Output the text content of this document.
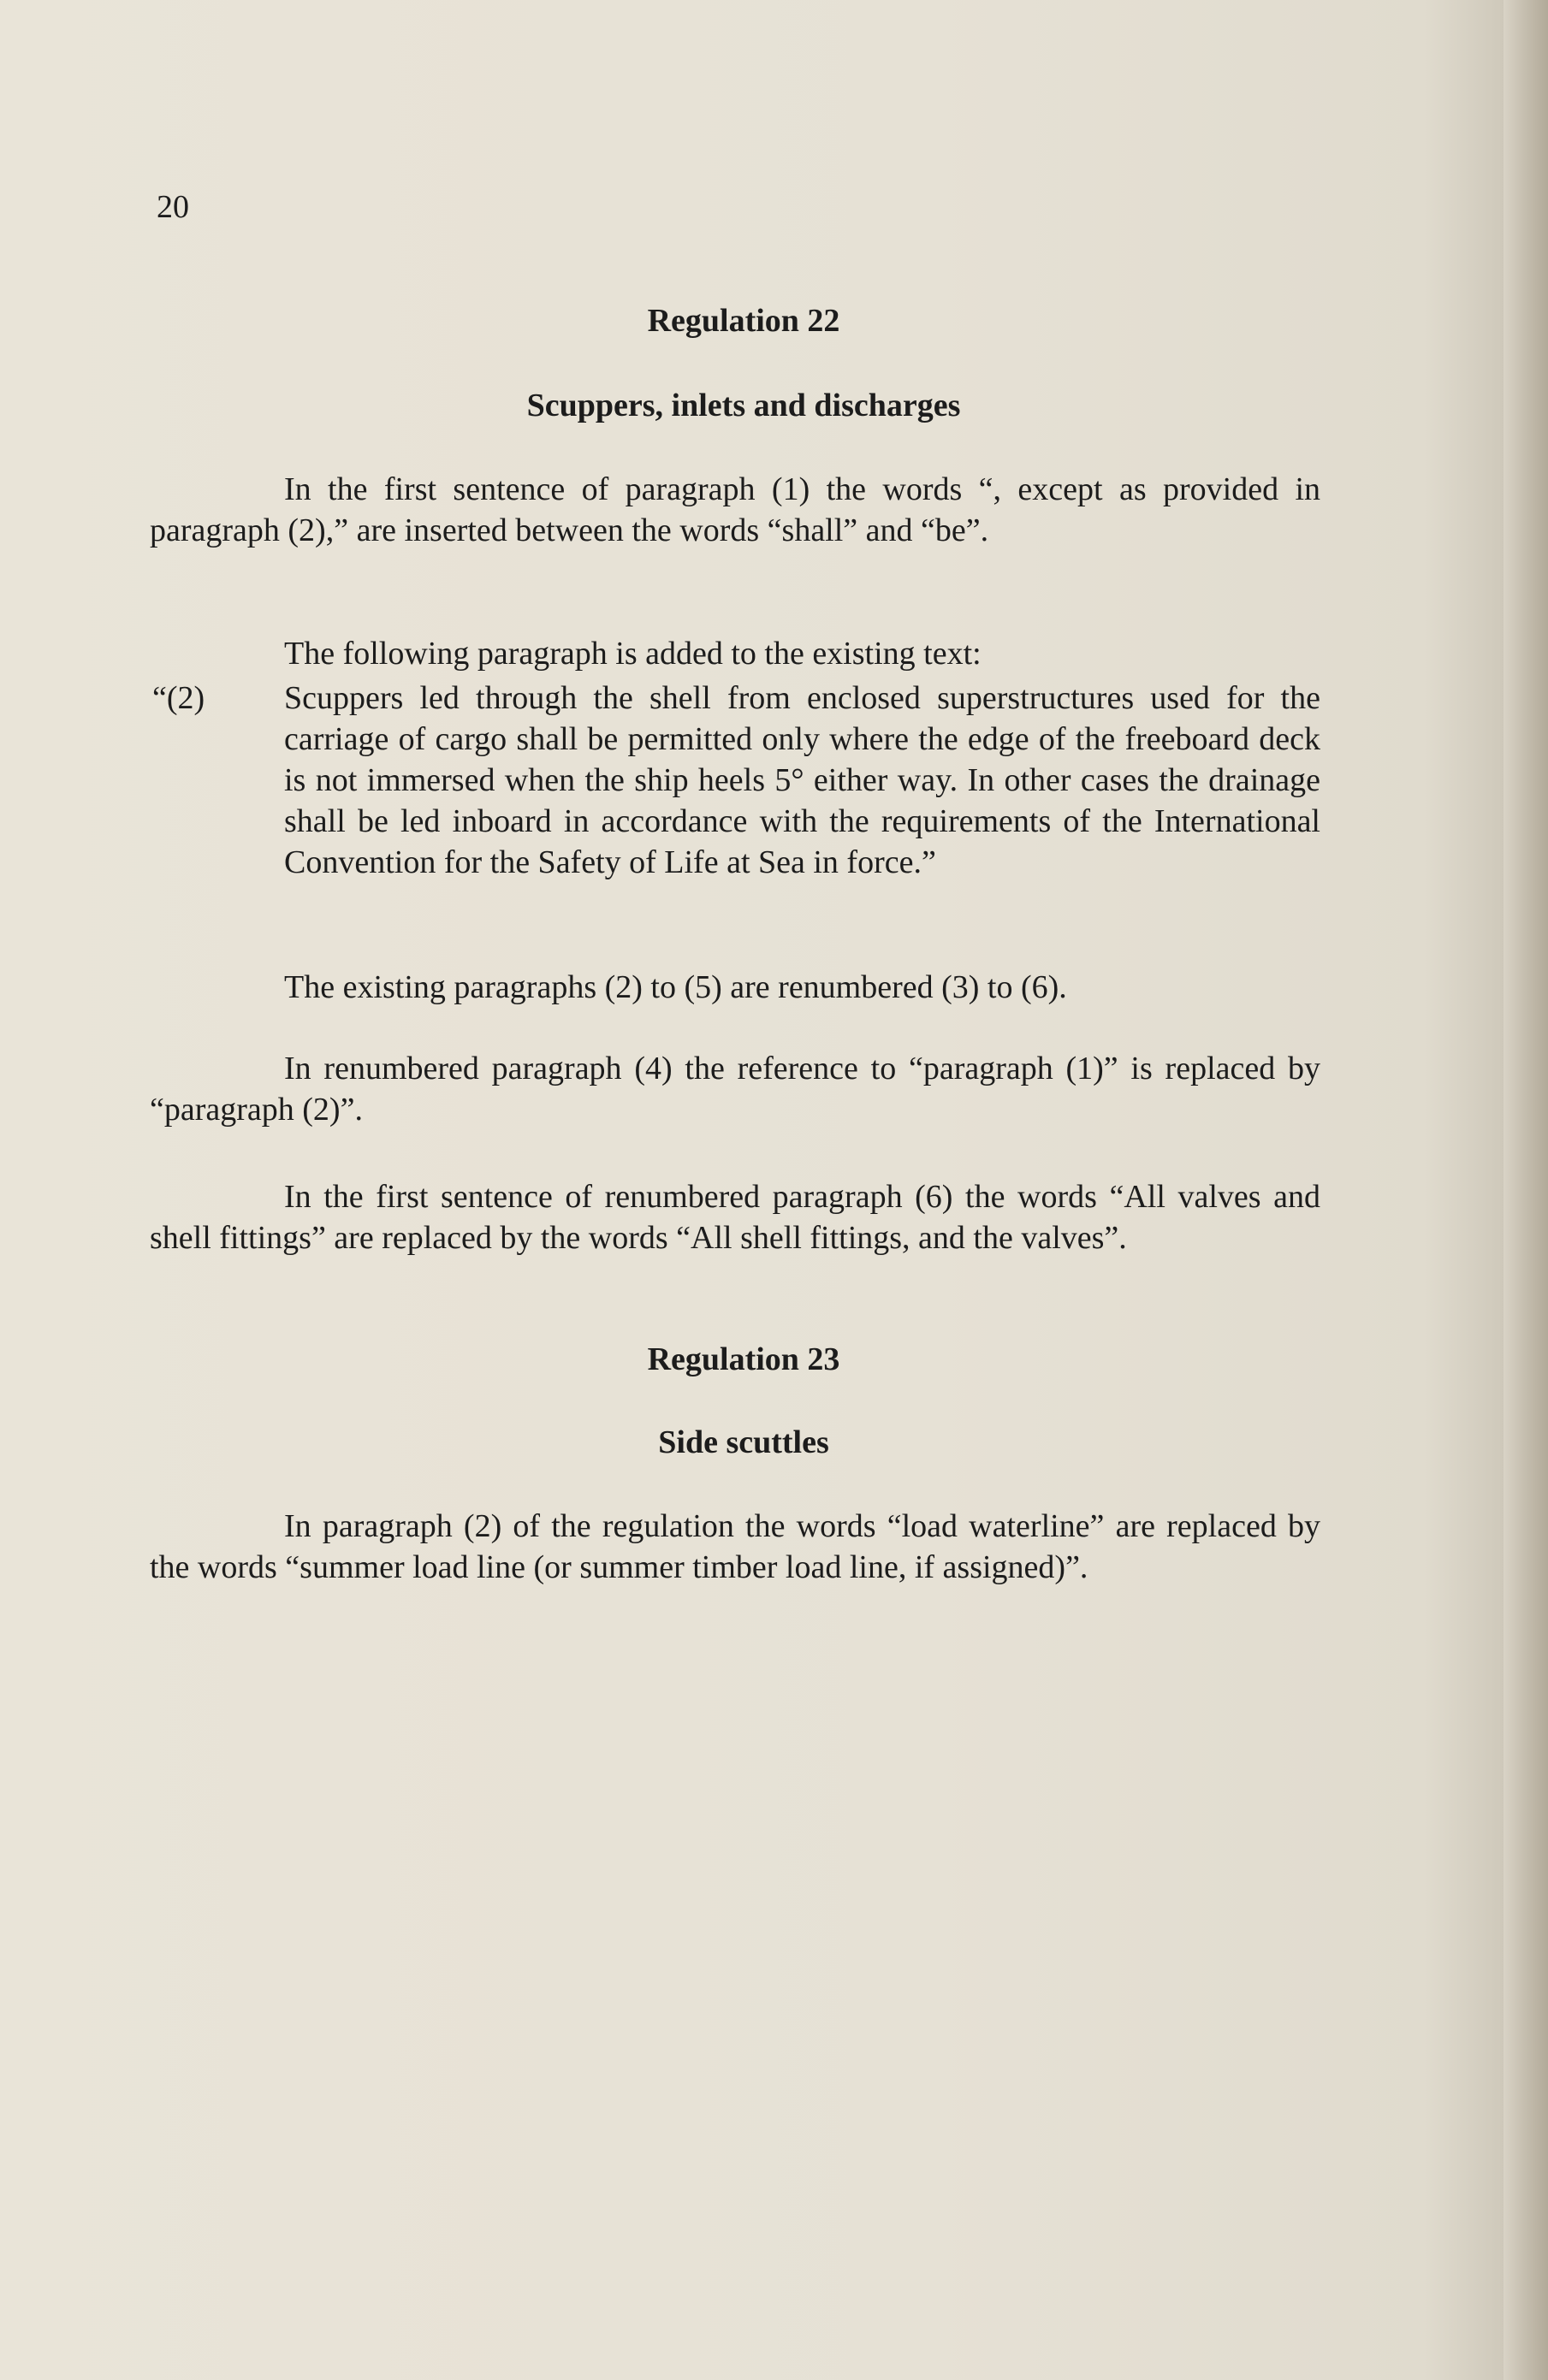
20
Regulation 22
Scuppers, inlets and discharges
In the first sentence of paragraph (1) the words “, except as provided in paragraph (2),” are inserted between the words “shall” and “be”.
The following paragraph is added to the existing text:
“(2) Scuppers led through the shell from enclosed superstructures used for the carriage of cargo shall be permitted only where the edge of the freeboard deck is not immersed when the ship heels 5° either way. In other cases the drainage shall be led inboard in accordance with the requirements of the International Convention for the Safety of Life at Sea in force.”
The existing paragraphs (2) to (5) are renumbered (3) to (6).
In renumbered paragraph (4) the reference to “paragraph (1)” is replaced by “paragraph (2)”.
In the first sentence of renumbered paragraph (6) the words “All valves and shell fittings” are replaced by the words “All shell fittings, and the valves”.
Regulation 23
Side scuttles
In paragraph (2) of the regulation the words “load waterline” are replaced by the words “summer load line (or summer timber load line, if assigned)”.
